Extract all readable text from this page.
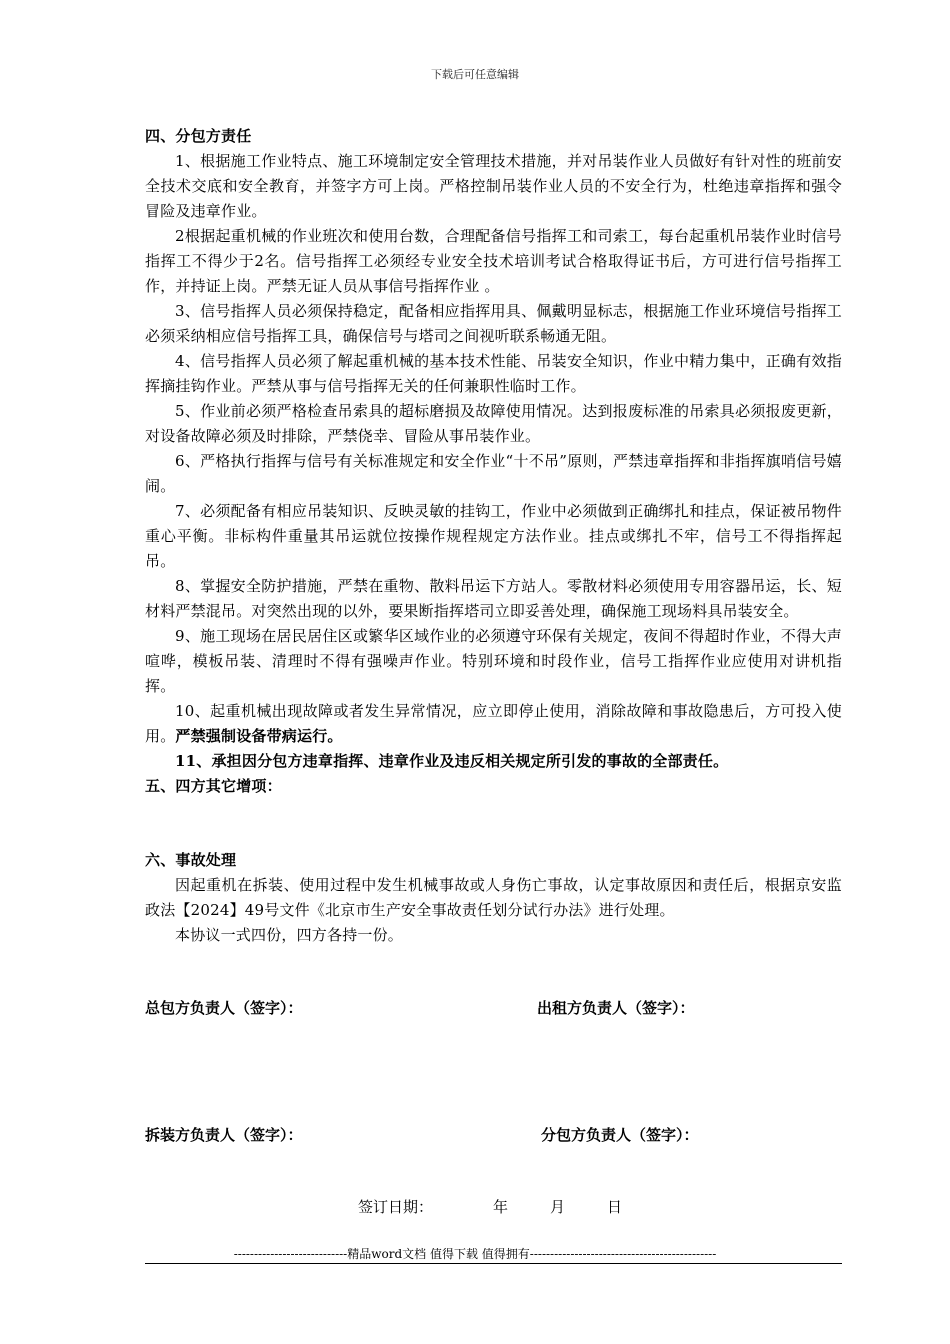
下载后可任意编辑

四、分包方责任

1、根据施工作业特点、施工环境制定安全管理技术措施，并对吊装作业人员做好有针对性的班前安全技术交底和安全教育，并签字方可上岗。严格控制吊装作业人员的不安全行为，杜绝违章指挥和强令冒险及违章作业。

2根据起重机械的作业班次和使用台数，合理配备信号指挥工和司索工，每台起重机吊装作业时信号指挥工不得少于2名。信号指挥工必须经专业安全技术培训考试合格取得证书后，方可进行信号指挥工作，并持证上岗。严禁无证人员从事信号指挥作业 。

3、信号指挥人员必须保持稳定，配备相应指挥用具、佩戴明显标志，根据施工作业环境信号指挥工必须采纳相应信号指挥工具，确保信号与塔司之间视听联系畅通无阻。

4、信号指挥人员必须了解起重机械的基本技术性能、吊装安全知识，作业中精力集中，正确有效指挥摘挂钩作业。严禁从事与信号指挥无关的任何兼职性临时工作。

5、作业前必须严格检查吊索具的超标磨损及故障使用情况。达到报废标准的吊索具必须报废更新，对设备故障必须及时排除，严禁侥幸、冒险从事吊装作业。

6、严格执行指挥与信号有关标准规定和安全作业“十不吊”原则，严禁违章指挥和非指挥旗哨信号嬉闹。

7、必须配备有相应吊装知识、反映灵敏的挂钩工，作业中必须做到正确绑扎和挂点，保证被吊物件重心平衡。非标构件重量其吊运就位按操作规程规定方法作业。挂点或绑扎不牢，信号工不得指挥起吊。

8、掌握安全防护措施，严禁在重物、散料吊运下方站人。零散材料必须使用专用容器吊运，长、短材料严禁混吊。对突然出现的以外，要果断指挥塔司立即妥善处理，确保施工现场料具吊装安全。

9、施工现场在居民居住区或繁华区域作业的必须遵守环保有关规定，夜间不得超时作业，不得大声喧哗，模板吊装、清理时不得有强噪声作业。特别环境和时段作业，信号工指挥作业应使用对讲机指挥。

10、起重机械出现故障或者发生异常情况，应立即停止使用，消除故障和事故隐患后，方可投入使用。严禁强制设备带病运行。

11、承担因分包方违章指挥、违章作业及违反相关规定所引发的事故的全部责任。

五、四方其它增项：

六、事故处理

因起重机在拆装、使用过程中发生机械事故或人身伤亡事故，认定事故原因和责任后，根据京安监政法【2024】49号文件《北京市生产安全事故责任划分试行办法》进行处理。

本协议一式四份，四方各持一份。

总包方负责人（签字）：	出租方负责人（签字）：
拆装方负责人（签字）：	分包方负责人（签字）：
签订日期：	年	月	日
----------------------------精品word文档 值得下载 值得拥有----------------------------------------------
